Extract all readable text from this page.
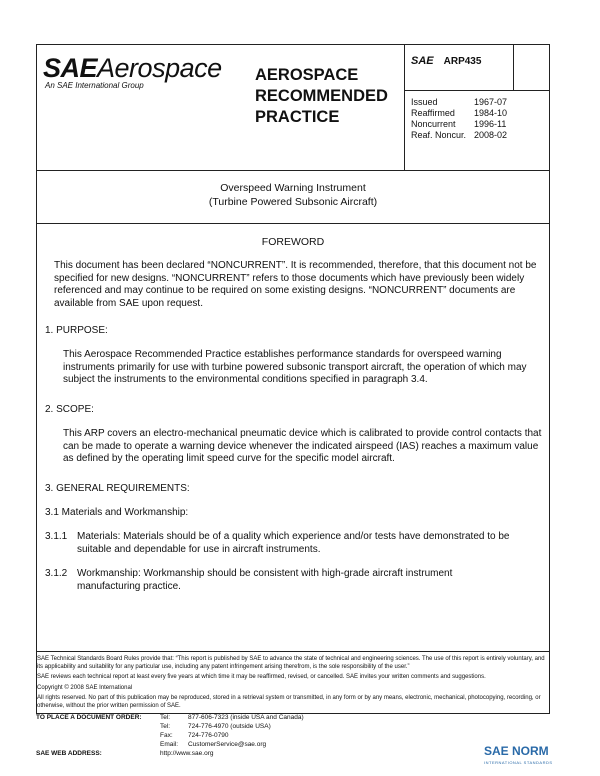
SAEAerospace
An SAE International Group
AEROSPACE
RECOMMENDED
PRACTICE
SAE ARP435
Issued	1967-07
Reaffirmed	1984-10
Noncurrent	1996-11
Reaf. Noncur. 2008-02
Overspeed Warning Instrument
(Turbine Powered Subsonic Aircraft)
FOREWORD
This document has been declared “NONCURRENT”. It is recommended, therefore, that this document not be specified for new designs. “NONCURRENT” refers to those documents which have previously been widely referenced and may continue to be required on some existing designs. “NONCURRENT” documents are available from SAE upon request.
1. PURPOSE:
This Aerospace Recommended Practice establishes performance standards for overspeed warning instruments primarily for use with turbine powered subsonic transport aircraft, the operation of which may subject the instruments to the environmental conditions specified in paragraph 3.4.
2. SCOPE:
This ARP covers an electro-mechanical pneumatic device which is calibrated to provide control contacts that can be made to operate a warning device whenever the indicated airspeed (IAS) reaches a maximum value as defined by the operating limit speed curve for the specific model aircraft.
3. GENERAL REQUIREMENTS:
3.1 Materials and Workmanship:
3.1.1 Materials: Materials should be of a quality which experience and/or tests have demonstrated to be suitable and dependable for use in aircraft instruments.
3.1.2 Workmanship: Workmanship should be consistent with high-grade aircraft instrument manufacturing practice.

SAE Technical Standards Board Rules provide that: “This report is published by SAE to advance the state of technical and engineering sciences. The use of this report is entirely voluntary, and its applicability and suitability for any particular use, including any patent infringement arising therefrom, is the sole responsibility of the user.”

SAE reviews each technical report at least every five years at which time it may be reaffirmed, revised, or cancelled. SAE invites your written comments and suggestions.

Copyright © 2008 SAE International

All rights reserved. No part of this publication may be reproduced, stored in a retrieval system or transmitted, in any form or by any means, electronic, mechanical, photocopying, recording, or otherwise, without the prior written permission of SAE.

TO PLACE A DOCUMENT ORDER:	Tel:	877-606-7323 (inside USA and Canada)
Tel:	724-776-4970 (outside USA)
Fax: 724-776-0790
Email: CustomerService@sae.org
SAE WEB ADDRESS:	http://www.sae.org	SAE NORM
INTERNATIONAL STANDARDS
